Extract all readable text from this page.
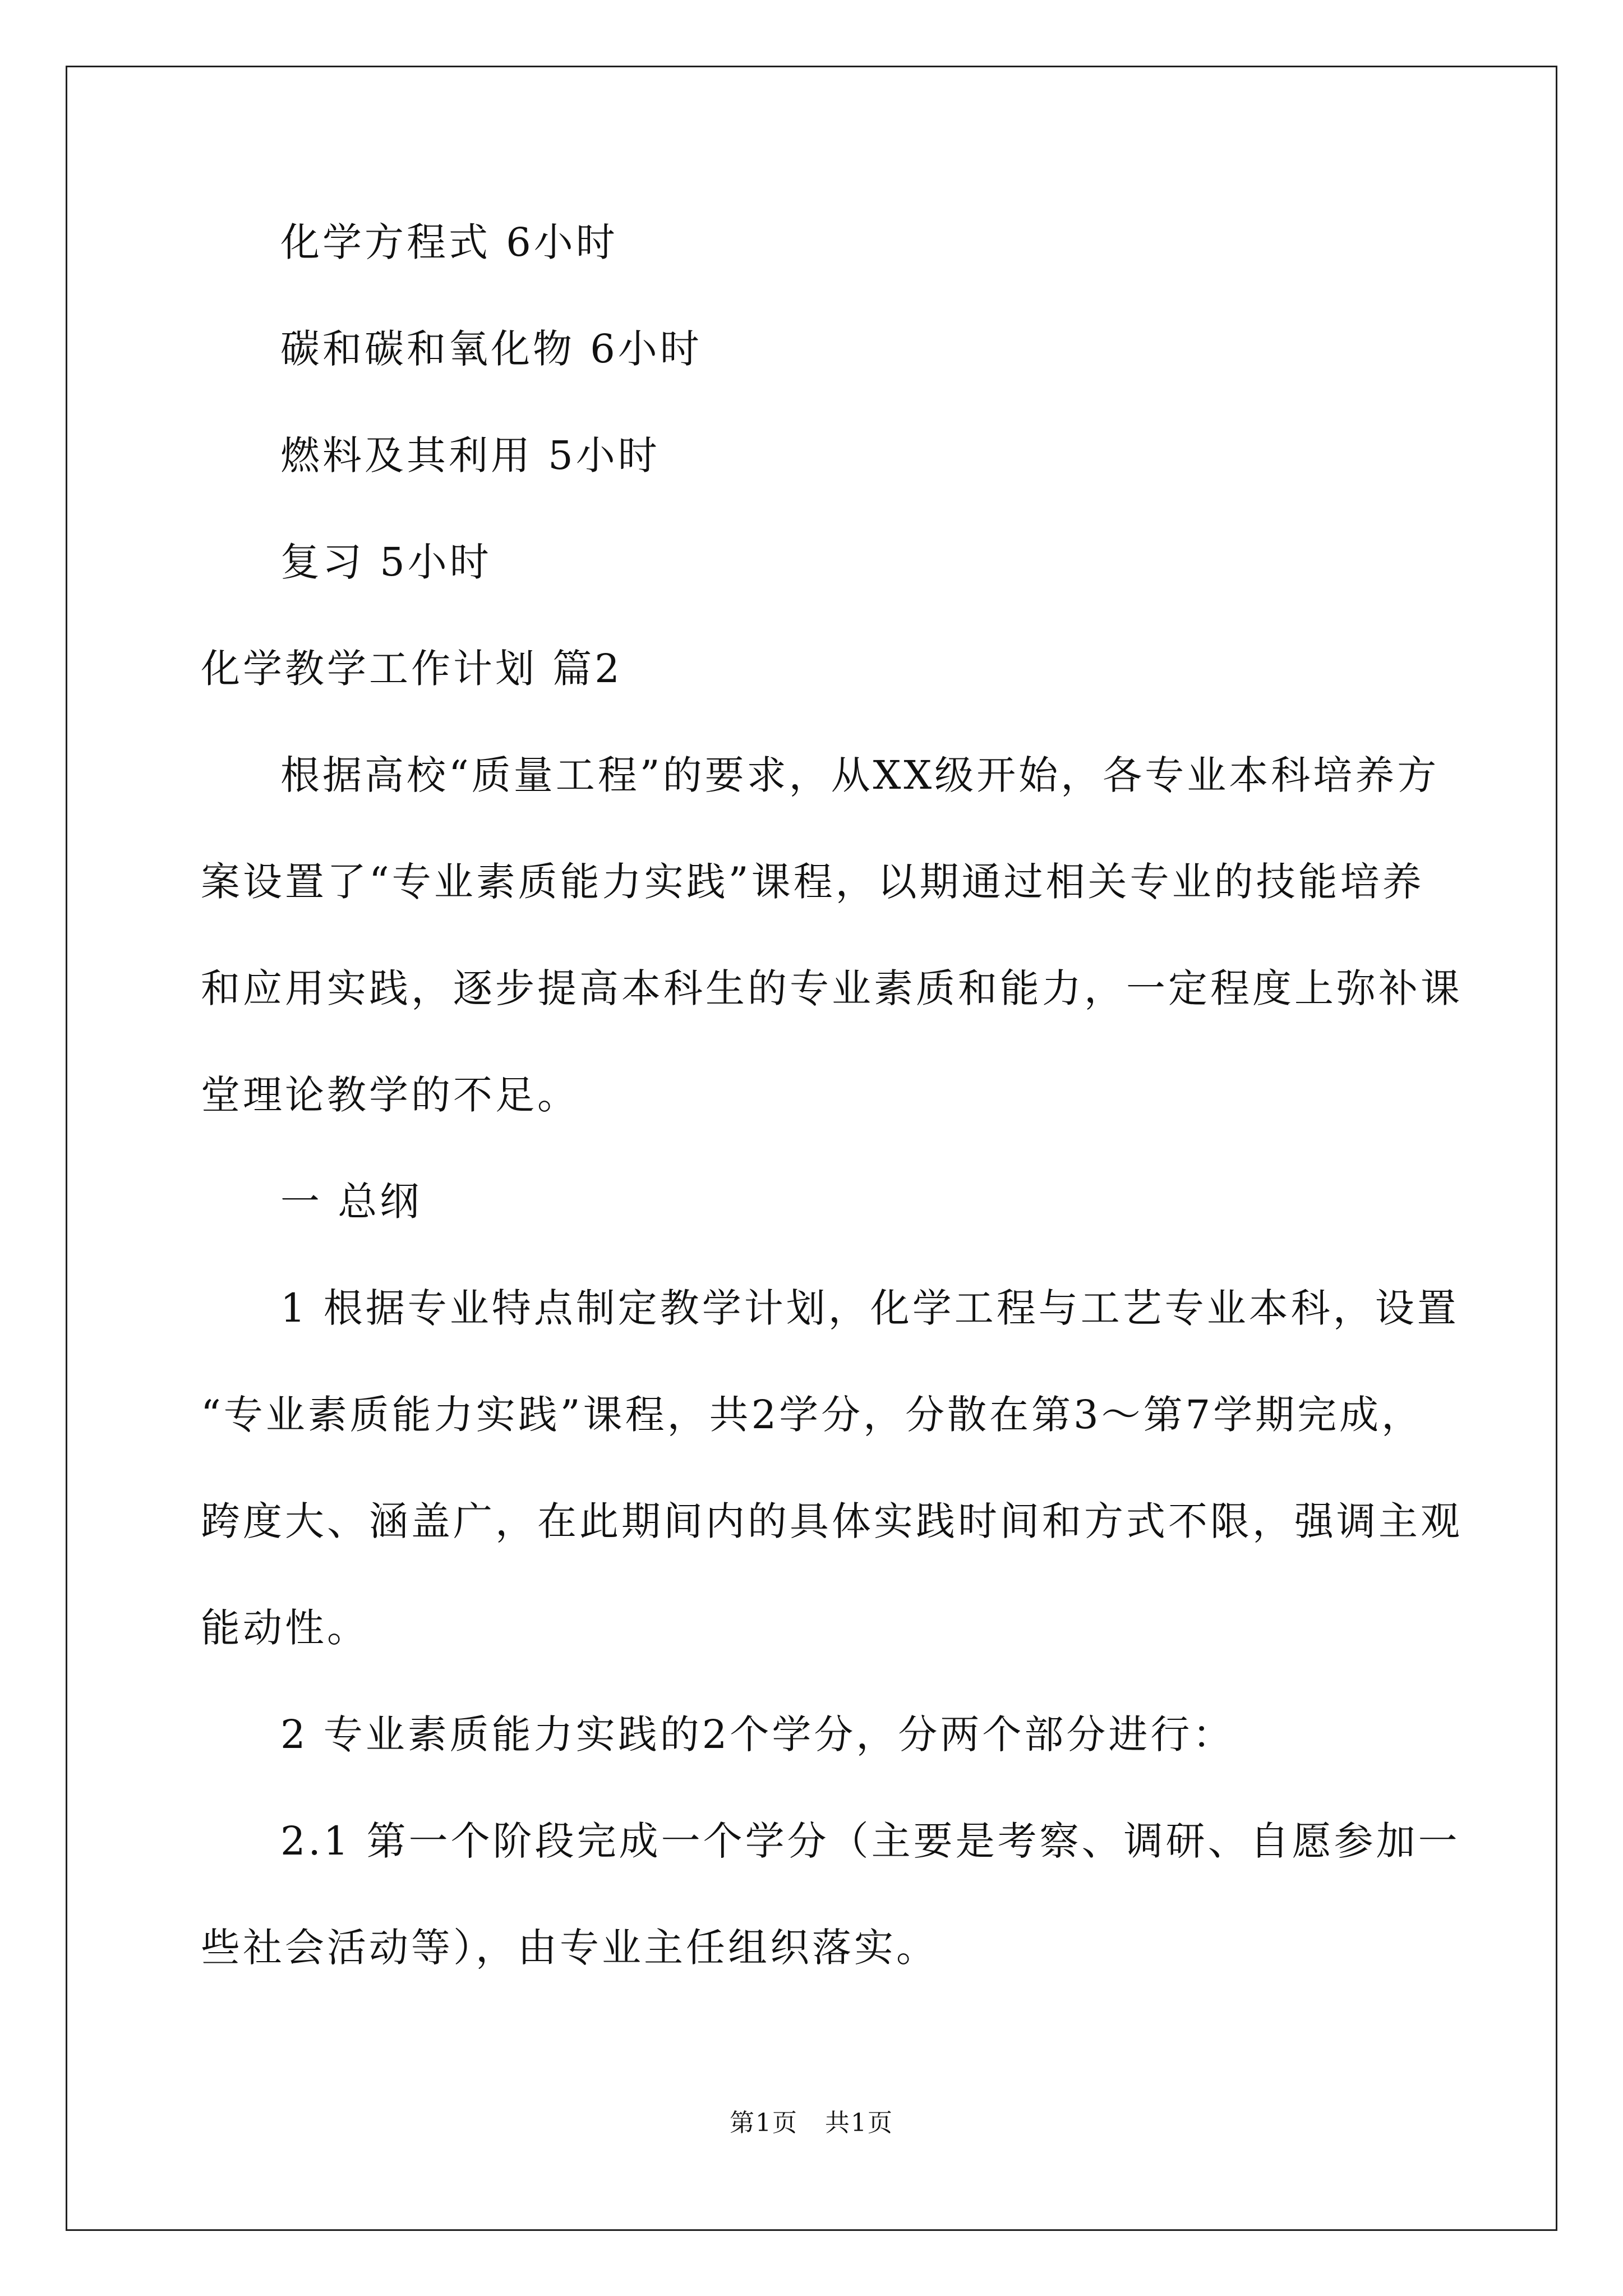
化学方程式 6小时
碳和碳和氧化物 6小时
燃料及其利用 5小时
复习 5小时
化学教学工作计划 篇2
根据高校“质量工程”的要求，从XX级开始，各专业本科培养方
案设置了“专业素质能力实践”课程，以期通过相关专业的技能培养
和应用实践，逐步提高本科生的专业素质和能力，一定程度上弥补课
堂理论教学的不足。
一 总纲
1 根据专业特点制定教学计划，化学工程与工艺专业本科，设置
“专业素质能力实践”课程，共2学分，分散在第3～第7学期完成，
跨度大、涵盖广，在此期间内的具体实践时间和方式不限，强调主观
能动性。
2 专业素质能力实践的2个学分，分两个部分进行：
2.1 第一个阶段完成一个学分（主要是考察、调研、自愿参加一
些社会活动等），由专业主任组织落实。
第1页   共1页
